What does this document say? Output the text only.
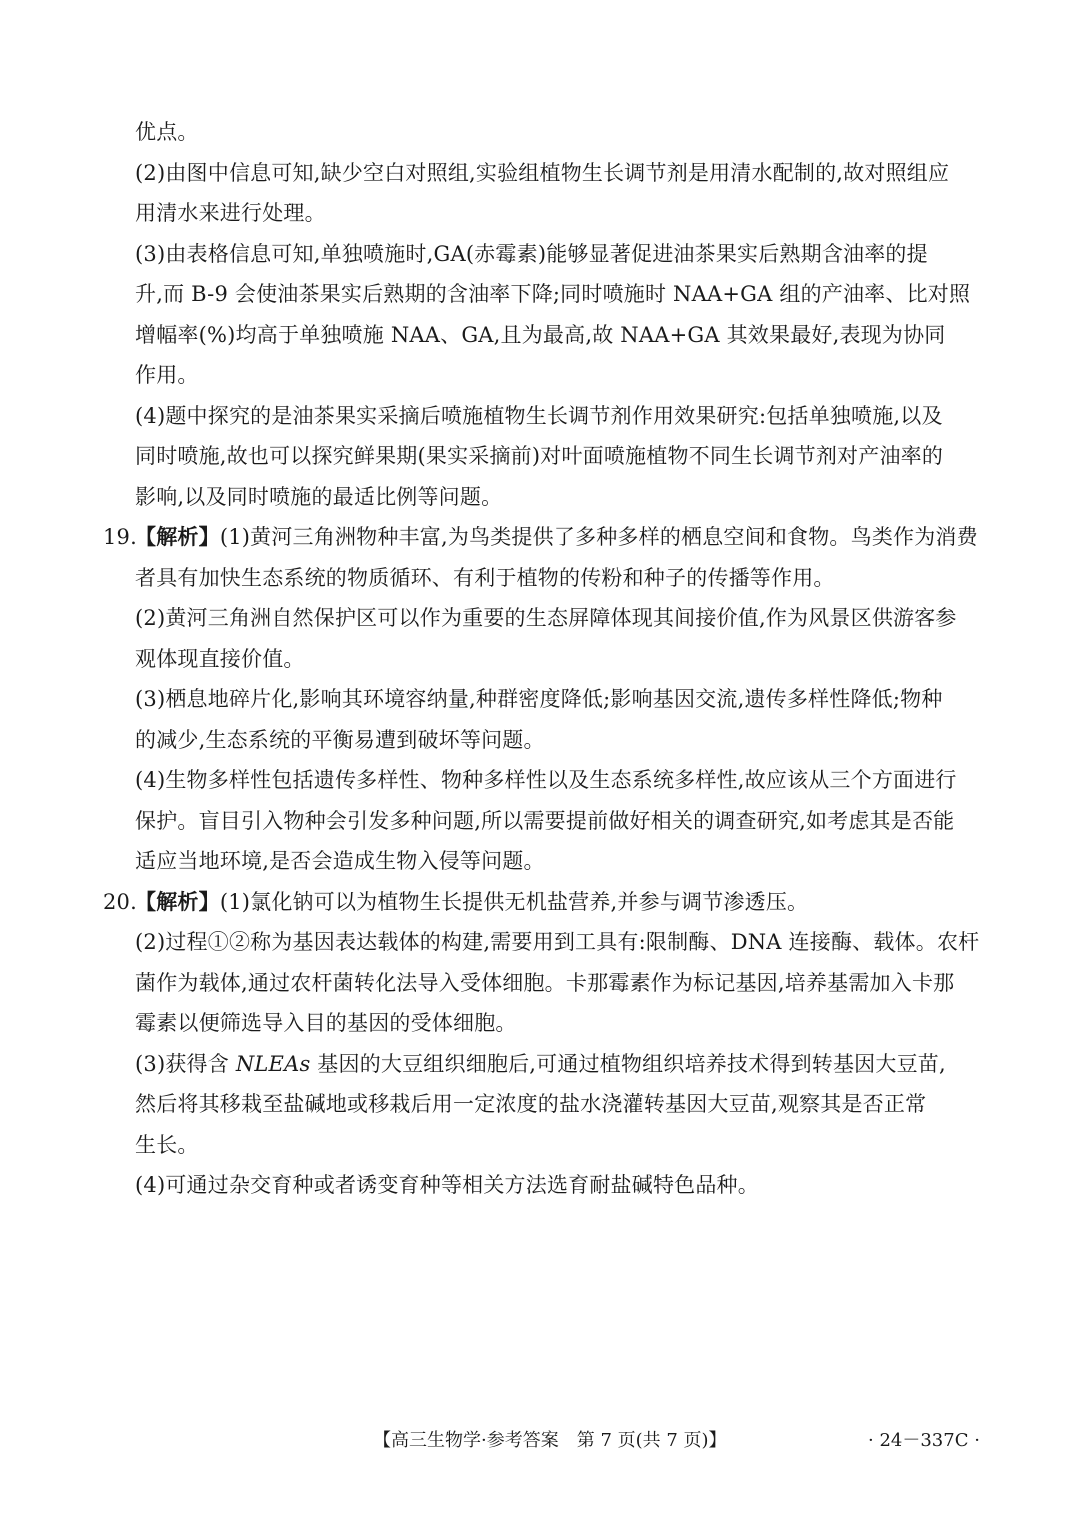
优点。
(2)由图中信息可知,缺少空白对照组,实验组植物生长调节剂是用清水配制的,故对照组应
用清水来进行处理。
(3)由表格信息可知,单独喷施时,GA(赤霉素)能够显著促进油茶果实后熟期含油率的提
升,而 B-9 会使油茶果实后熟期的含油率下降;同时喷施时 NAA+GA 组的产油率、比对照
增幅率(%)均高于单独喷施 NAA、GA,且为最高,故 NAA+GA 其效果最好,表现为协同
作用。
(4)题中探究的是油茶果实采摘后喷施植物生长调节剂作用效果研究:包括单独喷施,以及
同时喷施,故也可以探究鲜果期(果实采摘前)对叶面喷施植物不同生长调节剂对产油率的
影响,以及同时喷施的最适比例等问题。
19.【解析】(1)黄河三角洲物种丰富,为鸟类提供了多种多样的栖息空间和食物。鸟类作为消费
者具有加快生态系统的物质循环、有利于植物的传粉和种子的传播等作用。
(2)黄河三角洲自然保护区可以作为重要的生态屏障体现其间接价值,作为风景区供游客参
观体现直接价值。
(3)栖息地碎片化,影响其环境容纳量,种群密度降低;影响基因交流,遗传多样性降低;物种
的减少,生态系统的平衡易遭到破坏等问题。
(4)生物多样性包括遗传多样性、物种多样性以及生态系统多样性,故应该从三个方面进行
保护。盲目引入物种会引发多种问题,所以需要提前做好相关的调查研究,如考虑其是否能
适应当地环境,是否会造成生物入侵等问题。
20.【解析】(1)氯化钠可以为植物生长提供无机盐营养,并参与调节渗透压。
(2)过程①②称为基因表达载体的构建,需要用到工具有:限制酶、DNA 连接酶、载体。农杆
菌作为载体,通过农杆菌转化法导入受体细胞。卡那霉素作为标记基因,培养基需加入卡那
霉素以便筛选导入目的基因的受体细胞。
(3)获得含 NLEAs 基因的大豆组织细胞后,可通过植物组织培养技术得到转基因大豆苗,
然后将其移栽至盐碱地或移栽后用一定浓度的盐水浇灌转基因大豆苗,观察其是否正常
生长。
(4)可通过杂交育种或者诱变育种等相关方法选育耐盐碱特色品种。
【高三生物学·参考答案　第 7 页(共 7 页)】	· 24－337C ·
